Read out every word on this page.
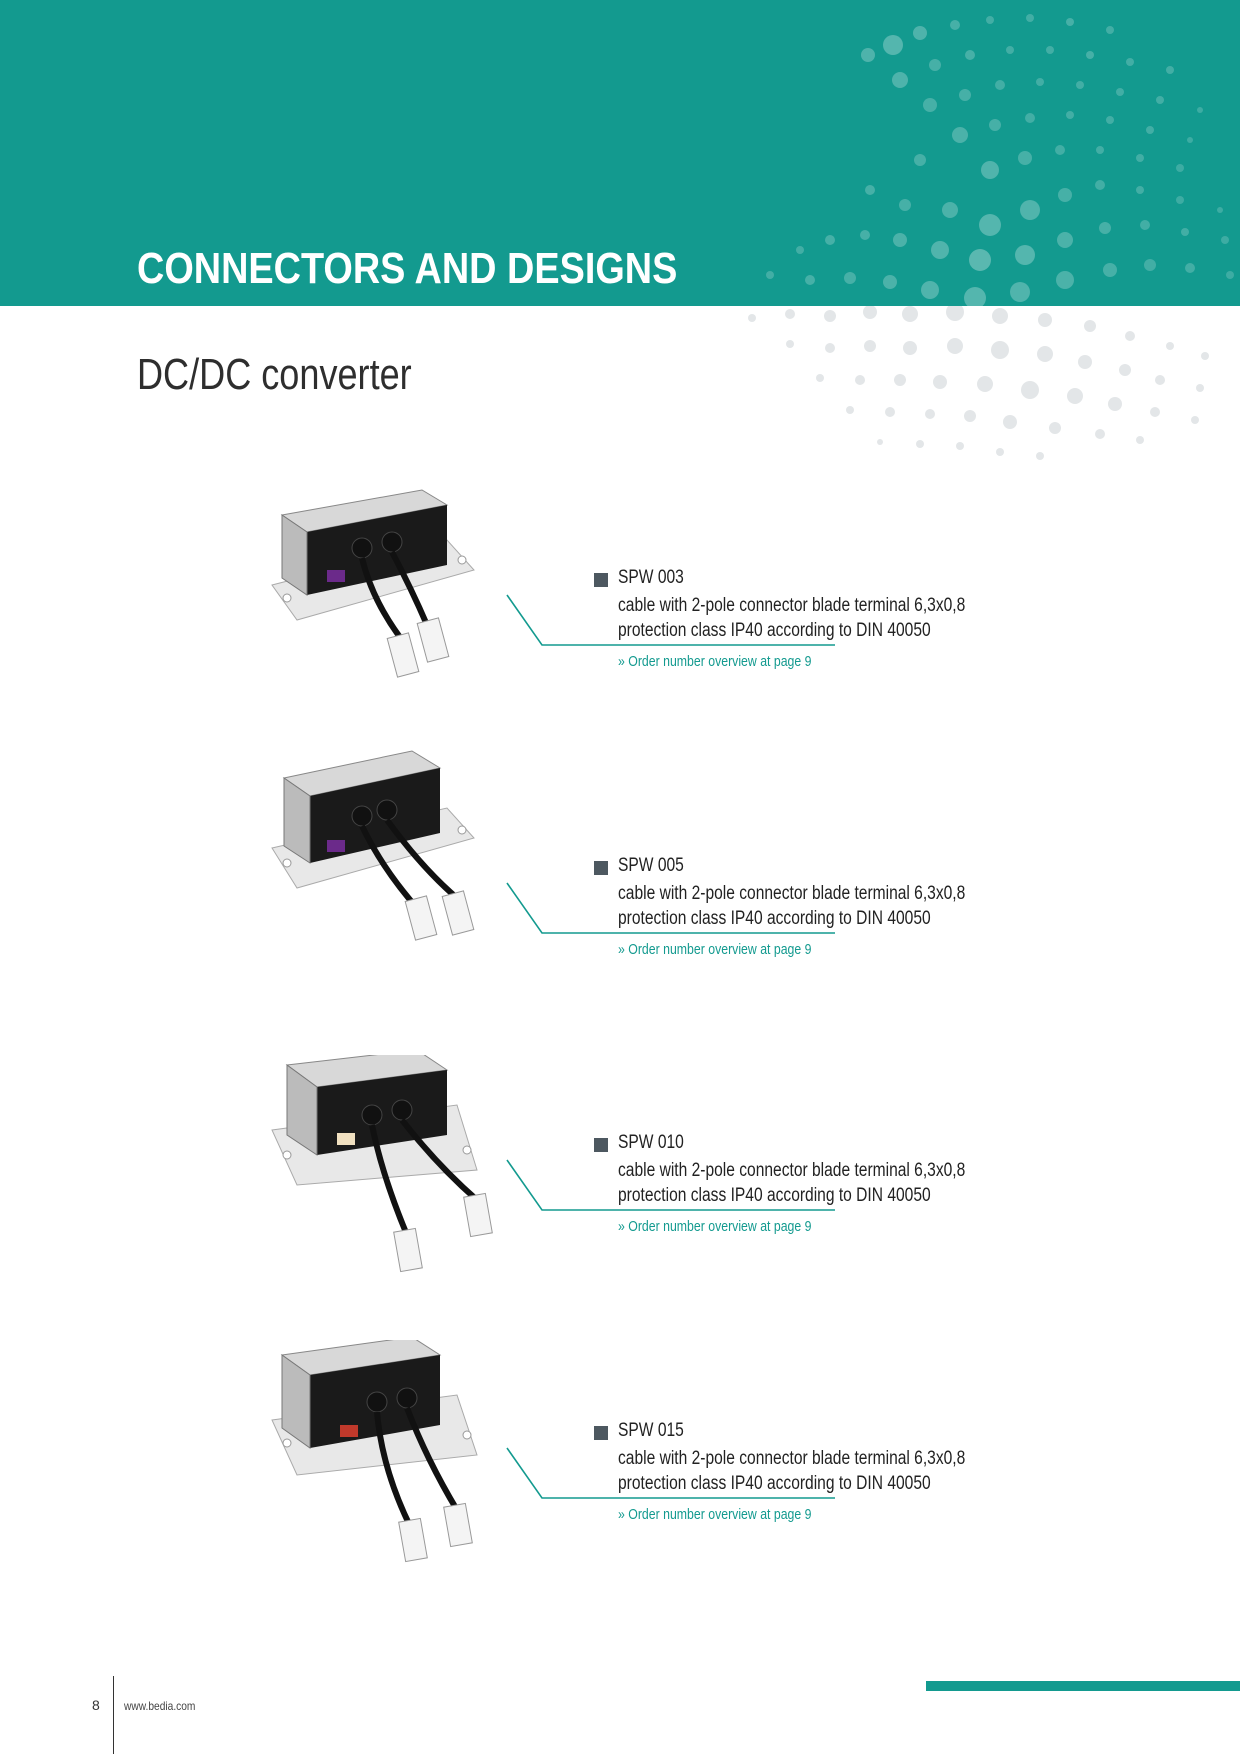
CONNECTORS AND DESIGNS
DC/DC converter
SPW 003
cable with 2-pole connector blade terminal 6,3x0,8
protection class IP40 according to DIN 40050
» Order number overview at page 9
SPW 005
cable with 2-pole connector blade terminal 6,3x0,8
protection class IP40 according to DIN 40050
» Order number overview at page 9
SPW 010
cable with 2-pole connector blade terminal 6,3x0,8
protection class IP40 according to DIN 40050
» Order number overview at page 9
SPW 015
cable with 2-pole connector blade terminal 6,3x0,8
protection class IP40 according to DIN 40050
» Order number overview at page 9
8 www.bedia.com
